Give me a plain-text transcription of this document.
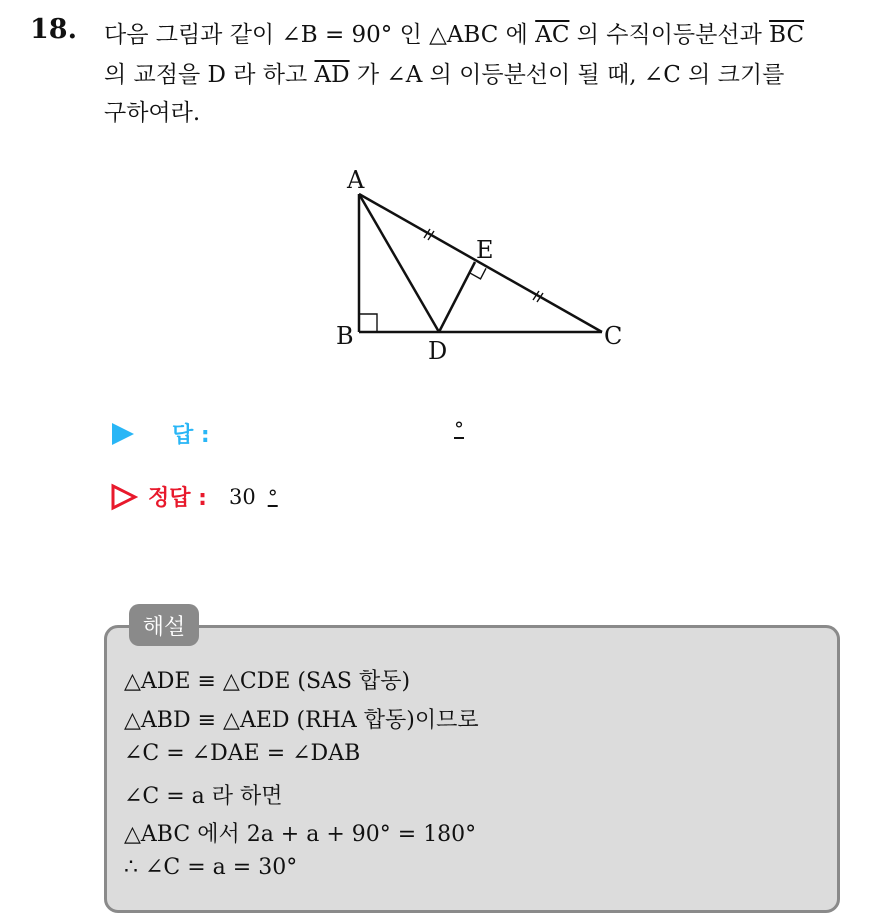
18. 다음 그림과 같이 ∠B = 90° 인 △ABC 에 $\overline{AC}$ 의 수직이등분선과 $\overline{BC}$
의 교점을 D 라 하고 $\overline{AD}$ 가 ∠A 의 이등분선이 될 때, ∠C 의 크기를
구하여라.
A
B	C
D
E
답 :	°
정답 : 30 °
해설
△ADE ≡ △CDE (SAS 합동)
△ABD ≡ △AED (RHA 합동)이므로
∠C = ∠DAE = ∠DAB
∠C = a 라 하면
△ABC 에서 2a + a + 90° = 180°
∴ ∠C = a = 30°
